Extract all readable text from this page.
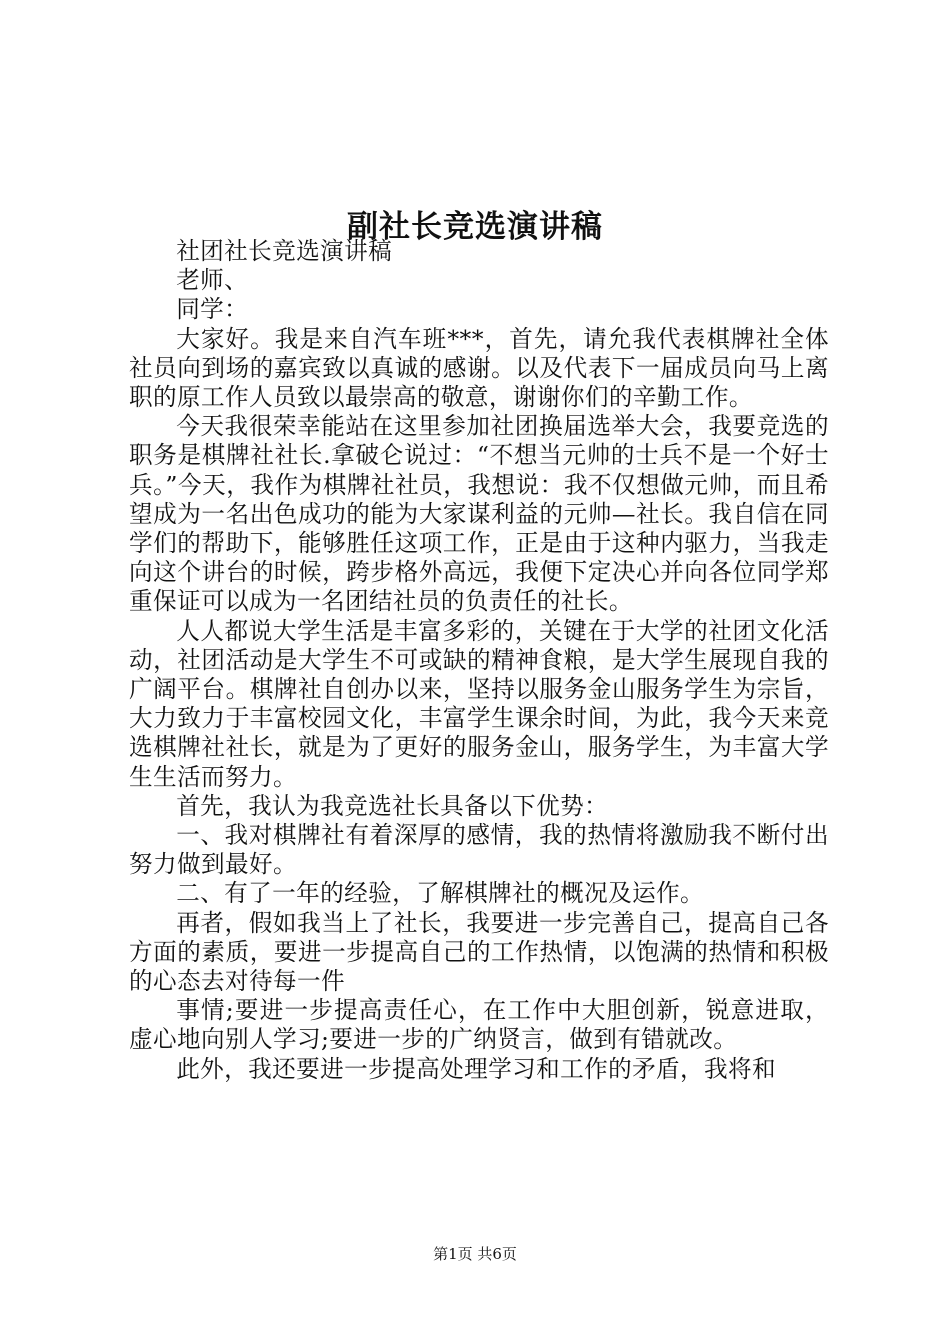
副社长竞选演讲稿

社团社长竞选演讲稿

老师、

同学：

大家好。我是来自汽车班***，首先，请允我代表棋牌社全体社员向到场的嘉宾致以真诚的感谢。以及代表下一届成员向马上离职的原工作人员致以最崇高的敬意，谢谢你们的辛勤工作。

今天我很荣幸能站在这里参加社团换届选举大会，我要竞选的职务是棋牌社社长.拿破仑说过：“不想当元帅的士兵不是一个好士兵。”今天，我作为棋牌社社员，我想说：我不仅想做元帅，而且希望成为一名出色成功的能为大家谋利益的元帅—社长。我自信在同学们的帮助下，能够胜任这项工作，正是由于这种内驱力，当我走向这个讲台的时候，跨步格外高远，我便下定决心并向各位同学郑重保证可以成为一名团结社员的负责任的社长。

人人都说大学生活是丰富多彩的，关键在于大学的社团文化活动，社团活动是大学生不可或缺的精神食粮，是大学生展现自我的广阔平台。棋牌社自创办以来，坚持以服务金山服务学生为宗旨，大力致力于丰富校园文化，丰富学生课余时间，为此，我今天来竞选棋牌社社长，就是为了更好的服务金山，服务学生，为丰富大学生生活而努力。

首先，我认为我竞选社长具备以下优势：

一、我对棋牌社有着深厚的感情，我的热情将激励我不断付出努力做到最好。

二、有了一年的经验，了解棋牌社的概况及运作。

再者，假如我当上了社长，我要进一步完善自己，提高自己各方面的素质，要进一步提高自己的工作热情，以饱满的热情和积极的心态去对待每一件

事情;要进一步提高责任心，在工作中大胆创新，锐意进取，虚心地向别人学习;要进一步的广纳贤言，做到有错就改。

此外，我还要进一步提高处理学习和工作的矛盾，我将和

第1页 共6页
